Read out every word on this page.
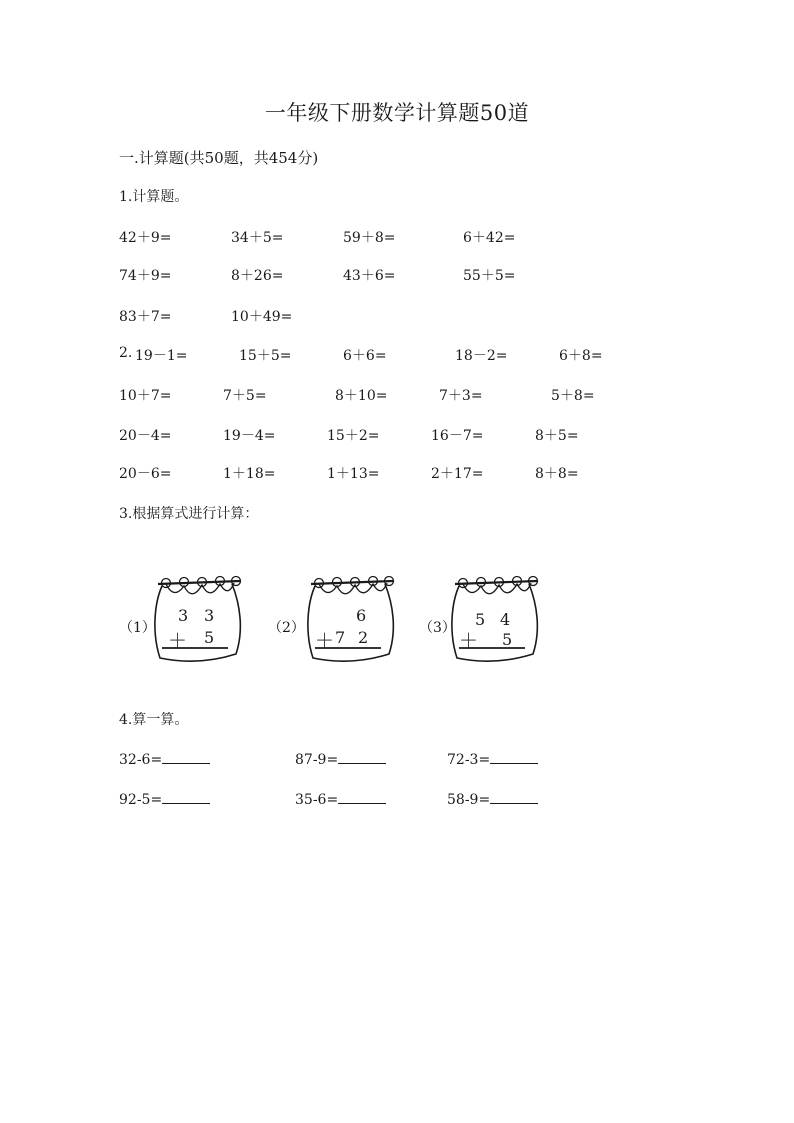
一年级下册数学计算题50道
一.计算题(共50题，共454分)
1.计算题。
42＋9=	34＋5=	59＋8=	6＋42=
74＋9=	8＋26=	43＋6=	55＋5=
83＋7=	10＋49=
2. 19－1=	15＋5=	6＋6=	18－2=	6＋8=
10＋7=	7＋5=	8＋10=	7＋3=	5＋8=
20－4=	19－4=	15＋2=	16－7=	8＋5=
20－6=	1＋18=	1＋13=	2＋17=	8＋8=
3.根据算式进行计算：
（1）
3 3
＋ 5	（2）
6
＋ 7 2	（3） 5 4
＋ 5
4.算一算。
32-6=	87-9=	72-3=
92-5=	35-6=	58-9=
